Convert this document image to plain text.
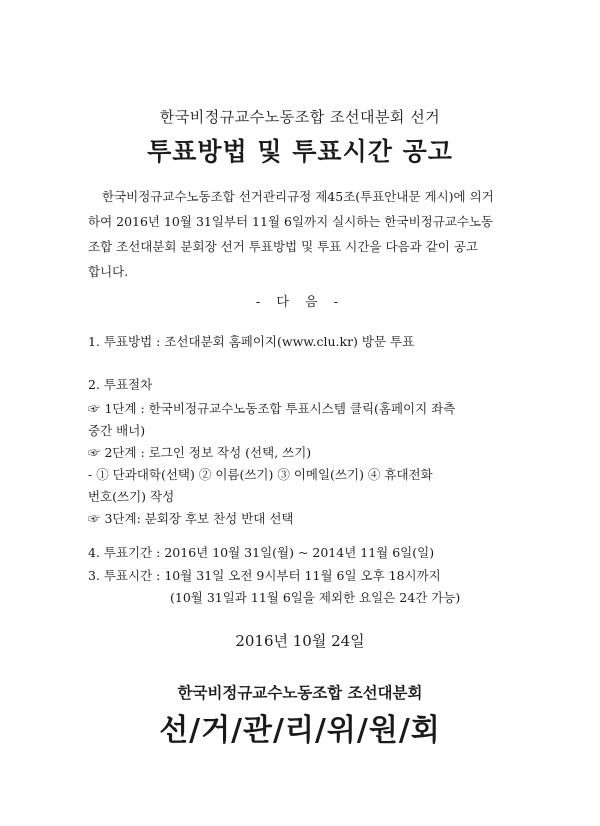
한국비정규교수노동조합 조선대분회 선거
투표방법 및 투표시간 공고
한국비정규교수노동조합 선거관리규정 제45조(투표안내문 게시)에 의거
하여 2016년 10월 31일부터 11월 6일까지 실시하는 한국비정규교수노동
조합 조선대분회 분회장 선거 투표방법 및 투표 시간을 다음과 같이 공고
합니다.
- 다 음 -
1. 투표방법 : 조선대분회 홈페이지(www.clu.kr) 방문 투표
2. 투표절차
☞ 1단계 : 한국비정규교수노동조합 투표시스템 클릭(홈페이지 좌측
중간 배너)
☞ 2단계 : 로그인 정보 작성 (선택, 쓰기)
- ① 단과대학(선택) ② 이름(쓰기) ③ 이메일(쓰기) ④ 휴대전화
번호(쓰기) 작성
☞ 3단계: 분회장 후보 찬성 반대 선택
4. 투표기간 : 2016년 10월 31일(월) ~ 2014년 11월 6일(일)
3. 투표시간 : 10월 31일 오전 9시부터 11월 6일 오후 18시까지
(10월 31일과 11월 6일을 제외한 요일은 24간 가능)
2016년 10월 24일
한국비정규교수노동조합 조선대분회
선/거/관/리/위/원/회
